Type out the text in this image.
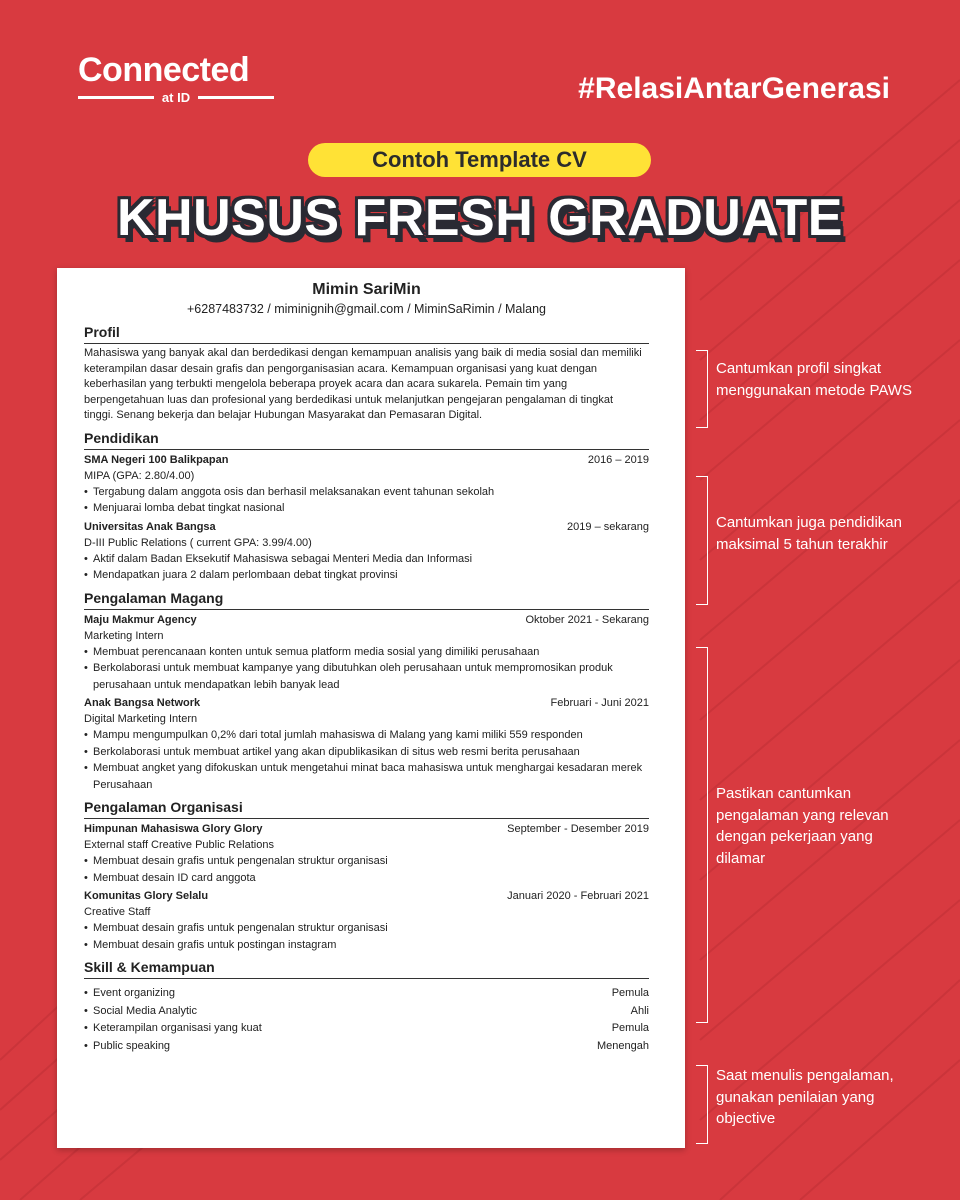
Connected
at ID	#RelasiAntarGenerasi
Contoh Template CV
KHUSUS FRESH GRADUATE
Mimin SariMin
+6287483732 / miminignih@gmail.com / MiminSaRimin / Malang
Profil
Mahasiswa yang banyak akal dan berdedikasi dengan kemampuan analisis yang baik di media sosial dan memiliki keterampilan dasar desain grafis dan pengorganisasian acara. Kemampuan organisasi yang kuat dengan keberhasilan yang terbukti mengelola beberapa proyek acara dan acara sukarela. Pemain tim yang berpengetahuan luas dan profesional yang berdedikasi untuk melanjutkan pengejaran pengalaman di tingkat tinggi. Senang bekerja dan belajar Hubungan Masyarakat dan Pemasaran Digital.
Pendidikan
SMA Negeri 100 Balikpapan	2016 – 2019
MIPA (GPA: 2.80/4.00)
• Tergabung dalam anggota osis dan berhasil melaksanakan event tahunan sekolah
• Menjuarai lomba debat tingkat nasional
Universitas Anak Bangsa	2019 – sekarang
D-III Public Relations ( current GPA: 3.99/4.00)
• Aktif dalam Badan Eksekutif Mahasiswa sebagai Menteri Media dan Informasi
• Mendapatkan juara 2 dalam perlombaan debat tingkat provinsi
Pengalaman Magang
Maju Makmur Agency	Oktober 2021 - Sekarang
Marketing Intern
• Membuat perencanaan konten untuk semua platform media sosial yang dimiliki perusahaan
• Berkolaborasi untuk membuat kampanye yang dibutuhkan oleh perusahaan untuk mempromosikan produk perusahaan untuk mendapatkan lebih banyak lead
Anak Bangsa Network	Februari - Juni 2021
Digital Marketing Intern
• Mampu mengumpulkan 0,2% dari total jumlah mahasiswa di Malang yang kami miliki 559 responden
• Berkolaborasi untuk membuat artikel yang akan dipublikasikan di situs web resmi berita perusahaan
• Membuat angket yang difokuskan untuk mengetahui minat baca mahasiswa untuk menghargai kesadaran merek Perusahaan
Pengalaman Organisasi
Himpunan Mahasiswa Glory Glory	September - Desember 2019
External staff Creative Public Relations
• Membuat desain grafis untuk pengenalan struktur organisasi
• Membuat desain ID card anggota
Komunitas Glory Selalu	Januari 2020 - Februari 2021
Creative Staff
• Membuat desain grafis untuk pengenalan struktur organisasi
• Membuat desain grafis untuk postingan instagram
Skill & Kemampuan
• Event organizing	Pemula
• Social Media Analytic	Ahli
• Keterampilan organisasi yang kuat	Pemula
• Public speaking	Menengah
Cantumkan profil singkat menggunakan metode PAWS
Cantumkan juga pendidikan maksimal 5 tahun terakhir
Pastikan cantumkan pengalaman yang relevan dengan pekerjaan yang dilamar
Saat menulis pengalaman, gunakan penilaian yang objective
